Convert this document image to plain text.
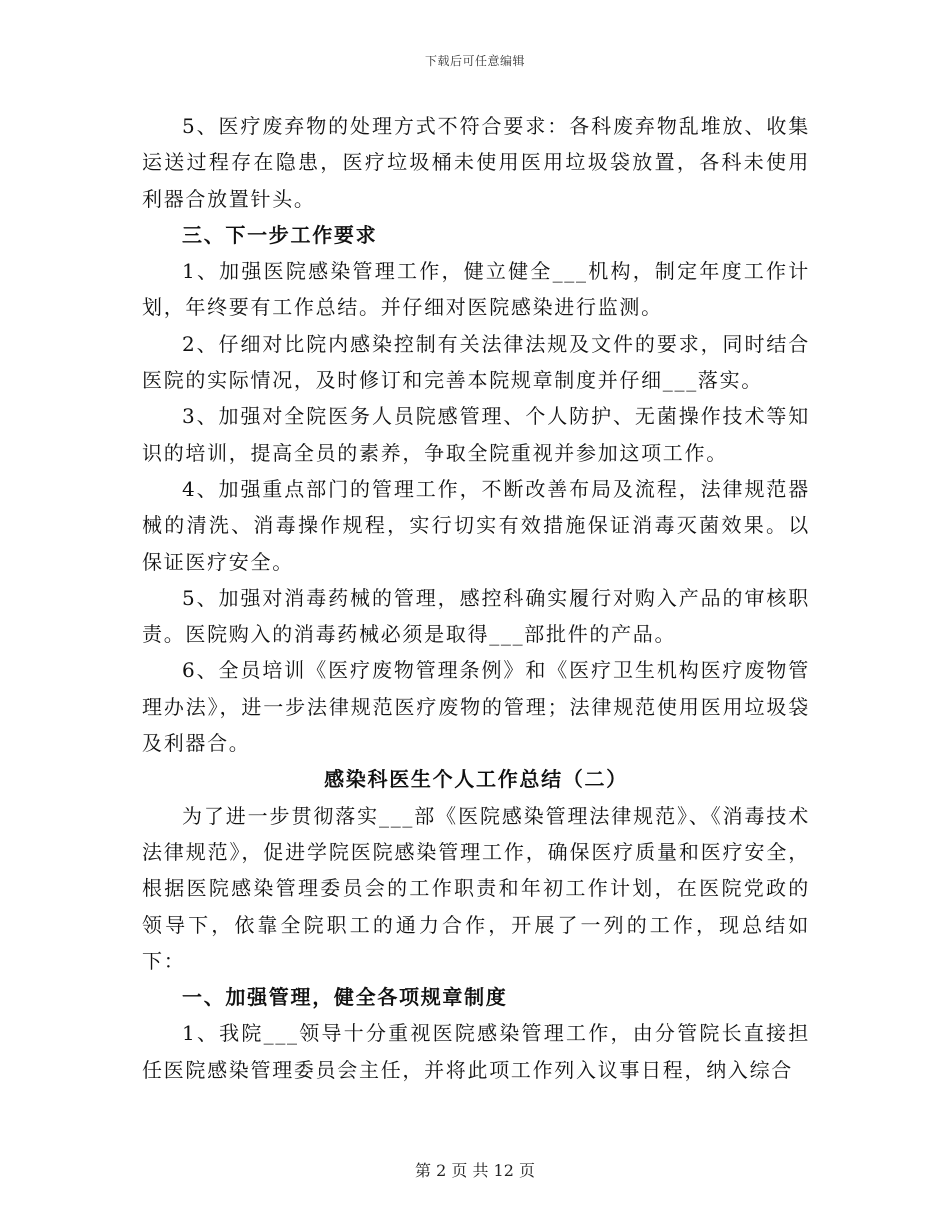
下载后可任意编辑

5、医疗废弃物的处理方式不符合要求：各科废弃物乱堆放、收集运送过程存在隐患，医疗垃圾桶未使用医用垃圾袋放置，各科未使用利器合放置针头。

三、下一步工作要求

1、加强医院感染管理工作，健立健全___机构，制定年度工作计划，年终要有工作总结。并仔细对医院感染进行监测。

2、仔细对比院内感染控制有关法律法规及文件的要求，同时结合医院的实际情况，及时修订和完善本院规章制度并仔细___落实。

3、加强对全院医务人员院感管理、个人防护、无菌操作技术等知识的培训，提高全员的素养，争取全院重视并参加这项工作。

4、加强重点部门的管理工作，不断改善布局及流程，法律规范器械的清洗、消毒操作规程，实行切实有效措施保证消毒灭菌效果。以保证医疗安全。

5、加强对消毒药械的管理，感控科确实履行对购入产品的审核职责。医院购入的消毒药械必须是取得___部批件的产品。

6、全员培训《医疗废物管理条例》和《医疗卫生机构医疗废物管理办法》，进一步法律规范医疗废物的管理；法律规范使用医用垃圾袋及利器合。

感染科医生个人工作总结（二）

为了进一步贯彻落实___部《医院感染管理法律规范》、《消毒技术法律规范》，促进学院医院感染管理工作，确保医疗质量和医疗安全，根据医院感染管理委员会的工作职责和年初工作计划，在医院党政的领导下，依靠全院职工的通力合作，开展了一列的工作，现总结如下：

一、加强管理，健全各项规章制度

1、我院___领导十分重视医院感染管理工作，由分管院长直接担任医院感染管理委员会主任，并将此项工作列入议事日程，纳入综合

第 2 页 共 12 页
